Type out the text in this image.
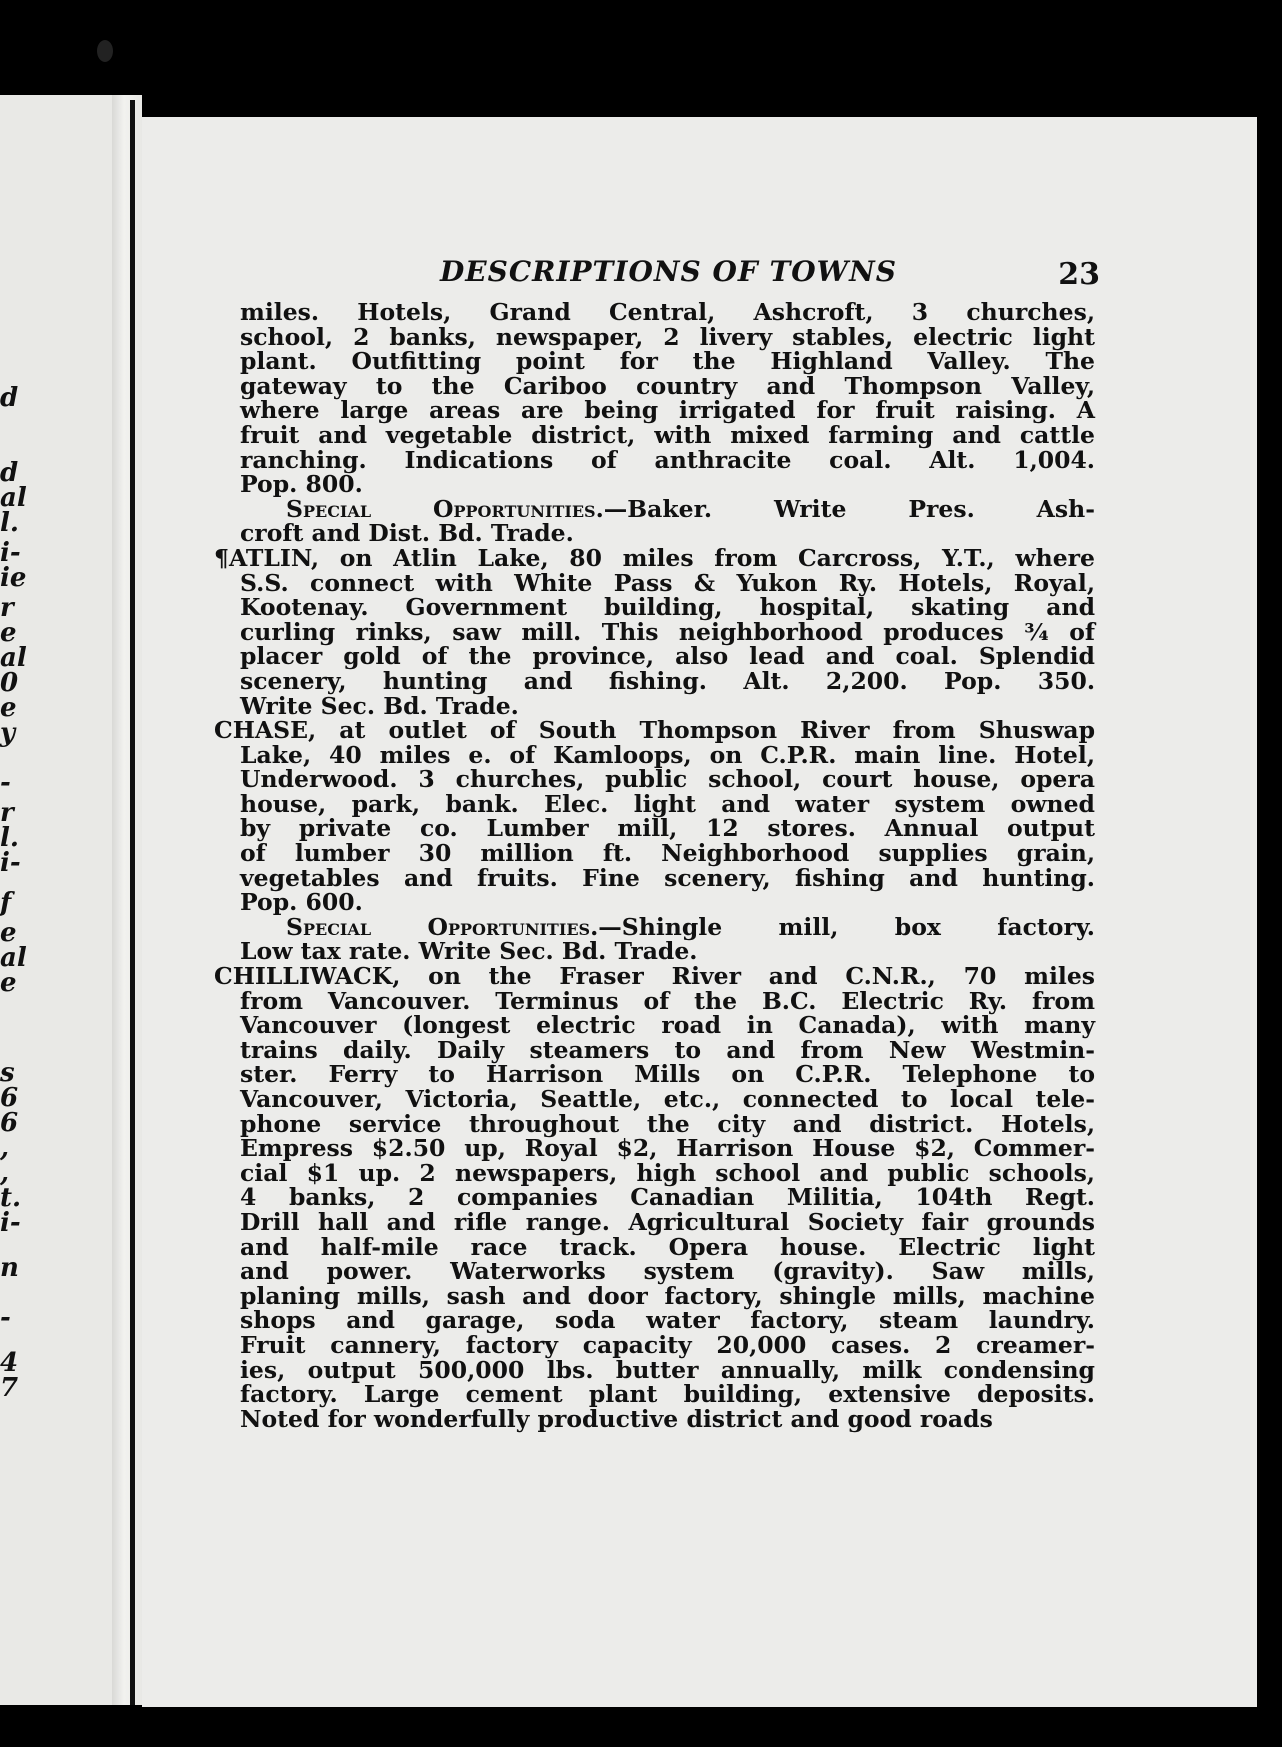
d
d
al
l.
i-
ie
r
e
al
0
e
y
-
r
l.
i-
f
e
al
e
s
6
6
,
,
t.
i-
n
-
4
7
DESCRIPTIONS OF TOWNS	23
miles. Hotels, Grand Central, Ashcroft, 3 churches,
school, 2 banks, newspaper, 2 livery stables, electric light
plant. Outfitting point for the Highland Valley. The
gateway to the Cariboo country and Thompson Valley,
where large areas are being irrigated for fruit raising. A
fruit and vegetable district, with mixed farming and cattle
ranching. Indications of anthracite coal. Alt. 1,004.
Pop. 800.
Special Opportunities.—Baker. Write Pres. Ash-
croft and Dist. Bd. Trade.
¶ATLIN, on Atlin Lake, 80 miles from Carcross, Y.T., where
S.S. connect with White Pass & Yukon Ry. Hotels, Royal,
Kootenay. Government building, hospital, skating and
curling rinks, saw mill. This neighborhood produces ¾ of
placer gold of the province, also lead and coal. Splendid
scenery, hunting and fishing. Alt. 2,200. Pop. 350.
Write Sec. Bd. Trade.
CHASE, at outlet of South Thompson River from Shuswap
Lake, 40 miles e. of Kamloops, on C.P.R. main line. Hotel,
Underwood. 3 churches, public school, court house, opera
house, park, bank. Elec. light and water system owned
by private co. Lumber mill, 12 stores. Annual output
of lumber 30 million ft. Neighborhood supplies grain,
vegetables and fruits. Fine scenery, fishing and hunting.
Pop. 600.
Special Opportunities.—Shingle mill, box factory.
Low tax rate. Write Sec. Bd. Trade.
CHILLIWACK, on the Fraser River and C.N.R., 70 miles
from Vancouver. Terminus of the B.C. Electric Ry. from
Vancouver (longest electric road in Canada), with many
trains daily. Daily steamers to and from New Westmin-
ster. Ferry to Harrison Mills on C.P.R. Telephone to
Vancouver, Victoria, Seattle, etc., connected to local tele-
phone service throughout the city and district. Hotels,
Empress $2.50 up, Royal $2, Harrison House $2, Commer-
cial $1 up. 2 newspapers, high school and public schools,
4 banks, 2 companies Canadian Militia, 104th Regt.
Drill hall and rifle range. Agricultural Society fair grounds
and half-mile race track. Opera house. Electric light
and power. Waterworks system (gravity). Saw mills,
planing mills, sash and door factory, shingle mills, machine
shops and garage, soda water factory, steam laundry.
Fruit cannery, factory capacity 20,000 cases. 2 creamer-
ies, output 500,000 lbs. butter annually, milk condensing
factory. Large cement plant building, extensive deposits.
Noted for wonderfully productive district and good roads
